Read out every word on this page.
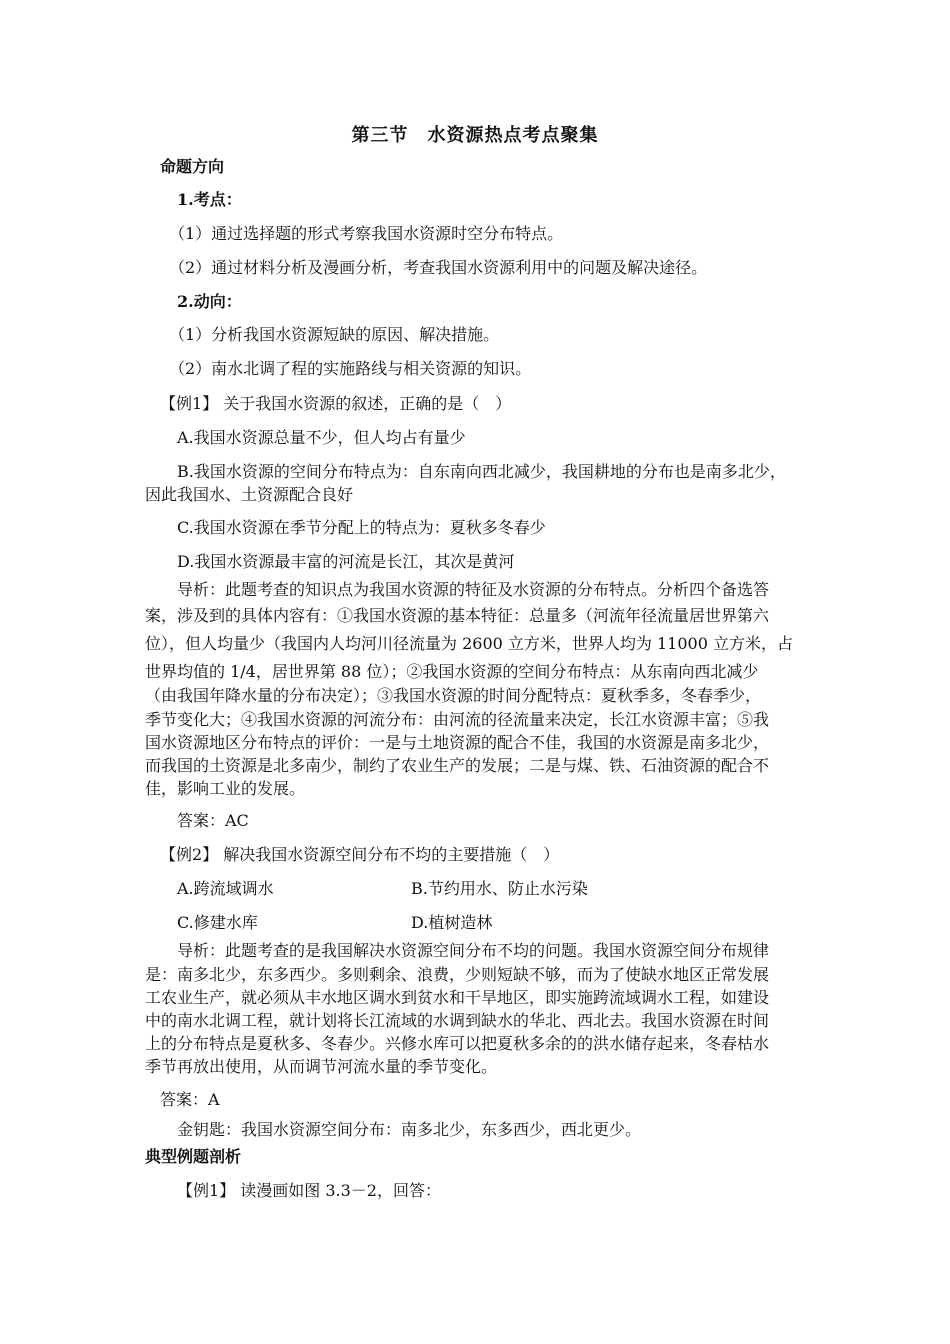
第三节　水资源热点考点聚集
命题方向
1.考点：
（1）通过选择题的形式考察我国水资源时空分布特点。
（2）通过材料分析及漫画分析，考查我国水资源利用中的问题及解决途径。
2.动向：
（1）分析我国水资源短缺的原因、解决措施。
（2）南水北调了程的实施路线与相关资源的知识。
【例1】 关于我国水资源的叙述，正确的是（　）
A.我国水资源总量不少，但人均占有量少
B.我国水资源的空间分布特点为：自东南向西北减少，我国耕地的分布也是南多北少，
因此我国水、土资源配合良好
C.我国水资源在季节分配上的特点为：夏秋多冬春少
D.我国水资源最丰富的河流是长江，其次是黄河
导析：此题考查的知识点为我国水资源的特征及水资源的分布特点。分析四个备选答
案，涉及到的具体内容有：①我国水资源的基本特征：总量多（河流年径流量居世界第六
位），但人均量少（我国内人均河川径流量为 2600 立方米，世界人均为 11000 立方米，占
世界均值的 1/4，居世界第 88 位）；②我国水资源的空间分布特点：从东南向西北减少
（由我国年降水量的分布决定）；③我国水资源的时间分配特点：夏秋季多，冬春季少，
季节变化大；④我国水资源的河流分布：由河流的径流量来决定，长江水资源丰富；⑤我
国水资源地区分布特点的评价：一是与土地资源的配合不佳，我国的水资源是南多北少，
而我国的土资源是北多南少，制约了农业生产的发展；二是与煤、铁、石油资源的配合不
佳，影响工业的发展。
答案：AC
【例2】 解决我国水资源空间分布不均的主要措施（　）
A.跨流域调水	B.节约用水、防止水污染
C.修建水库	D.植树造林
导析：此题考查的是我国解决水资源空间分布不均的问题。我国水资源空间分布规律
是：南多北少，东多西少。多则剩余、浪费，少则短缺不够，而为了使缺水地区正常发展
工农业生产，就必须从丰水地区调水到贫水和干旱地区，即实施跨流域调水工程，如建设
中的南水北调工程，就计划将长江流域的水调到缺水的华北、西北去。我国水资源在时间
上的分布特点是夏秋多、冬春少。兴修水库可以把夏秋多余的的洪水储存起来，冬春枯水
季节再放出使用，从而调节河流水量的季节变化。
答案：A
金钥匙：我国水资源空间分布：南多北少，东多西少，西北更少。
典型例题剖析
【例1】 读漫画如图 3.3－2，回答：
